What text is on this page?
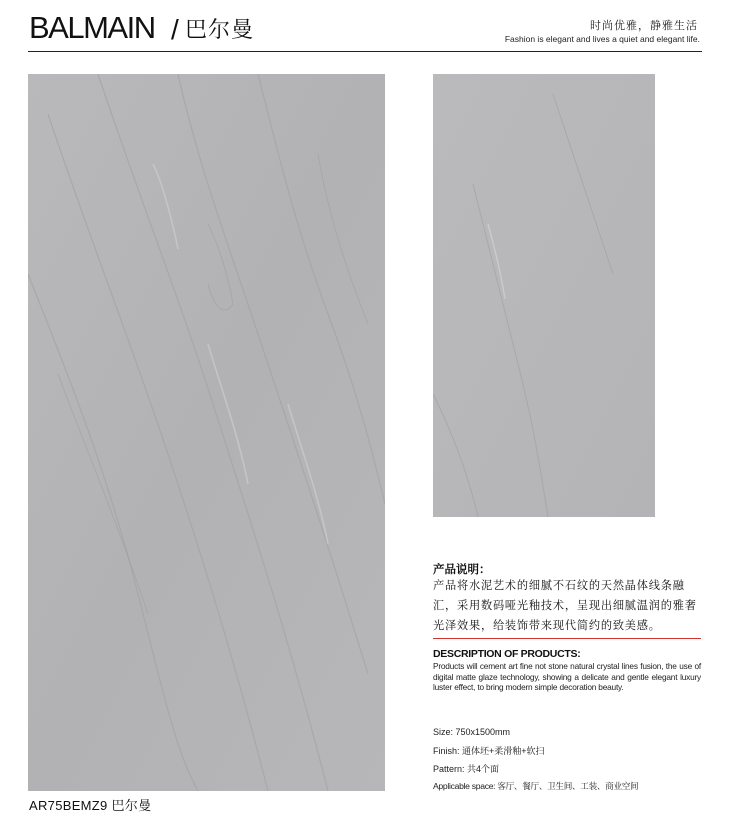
BALMAIN / 巴尔曼	时尚优雅，静雅生活
Fashion is elegant and lives a quiet and elegant life.
产品说明：
产品将水泥艺术的细腻不石纹的天然晶体线条融汇，采用数码哑光釉技术，呈现出细腻温润的雅奢光泽效果，给装饰带来现代简约的致美感。
DESCRIPTION OF PRODUCTS:
Products will cement art fine not stone natural crystal lines fusion, the use of digital matte glaze technology, showing a delicate and gentle elegant luxury luster effect, to bring modern simple decoration beauty.
Size: 750x1500mm
Finish: 通体坯+柔滑釉+软扫
Pattern: 共4个面
Applicable space: 客厅、餐厅、卫生间、工装、商业空间
AR75BEMZ9 巴尔曼
